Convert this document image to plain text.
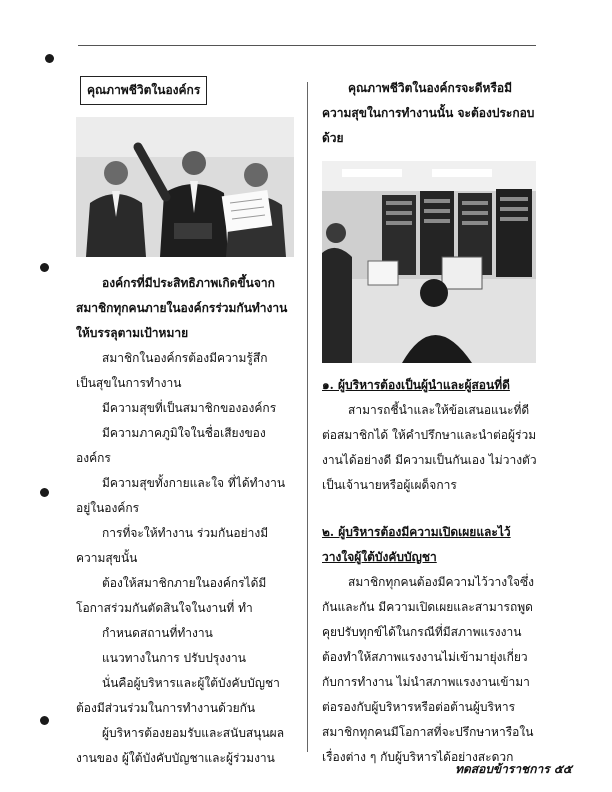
คุณภาพชีวิตในองค์กร

องค์กรที่มีประสิทธิภาพเกิดขึ้นจากสมาชิกทุกคนภายในองค์กรร่วมกันทำงานให้บรรลุตามเป้าหมาย

สมาชิกในองค์กรต้องมีความรู้สึกเป็นสุขในการทำงาน

มีความสุขที่เป็นสมาชิกขององค์กร

มีความภาคภูมิใจในชื่อเสียงขององค์กร

มีความสุขทั้งกายและใจ ที่ได้ทำงานอยู่ในองค์กร

การที่จะให้ทำงาน ร่วมกันอย่างมีความสุขนั้น

ต้องให้สมาชิกภายในองค์กรได้มีโอกาสร่วมกันตัดสินใจในงานที่ ทำ

กำหนดสถานที่ทำงาน

แนวทางในการ ปรับปรุงงาน

นั่นคือผู้บริหารและผู้ใต้บังคับบัญชาต้องมีส่วนร่วมในการทำงานด้วยกัน

ผู้บริหารต้องยอมรับและสนับสนุนผลงานของ ผู้ใต้บังคับบัญชาและผู้ร่วมงาน

คุณภาพชีวิตในองค์กรจะดีหรือมีความสุขในการทำงานนั้น จะต้องประกอบด้วย

๑. ผู้บริหารต้องเป็นผู้นำและผู้สอนที่ดี

สามารถชี้นำและให้ข้อเสนอแนะที่ดีต่อสมาชิกได้ ให้คำปรึกษาและนำต่อผู้ร่วมงานได้อย่างดี มีความเป็นกันเอง ไม่วางตัวเป็นเจ้านายหรือผู้เผด็จการ

๒. ผู้บริหารต้องมีความเปิดเผยและไว้วางใจผู้ใต้บังคับบัญชา

สมาชิกทุกคนต้องมีความไว้วางใจซึ่งกันและกัน มีความเปิดเผยและสามารถพูดคุยปรับทุกข์ได้ในกรณีที่มีสภาพแรงงาน ต้องทำให้สภาพแรงงานไม่เข้ามายุ่งเกี่ยวกับการทำงาน ไม่นำสภาพแรงงานเข้ามาต่อรองกับผู้บริหารหรือต่อต้านผู้บริหาร สมาชิกทุกคนมีโอกาสที่จะปรึกษาหารือในเรื่องต่าง ๆ กับผู้บริหารได้อย่างสะดวก

ทดสอบข้าราชการ ๕๕
